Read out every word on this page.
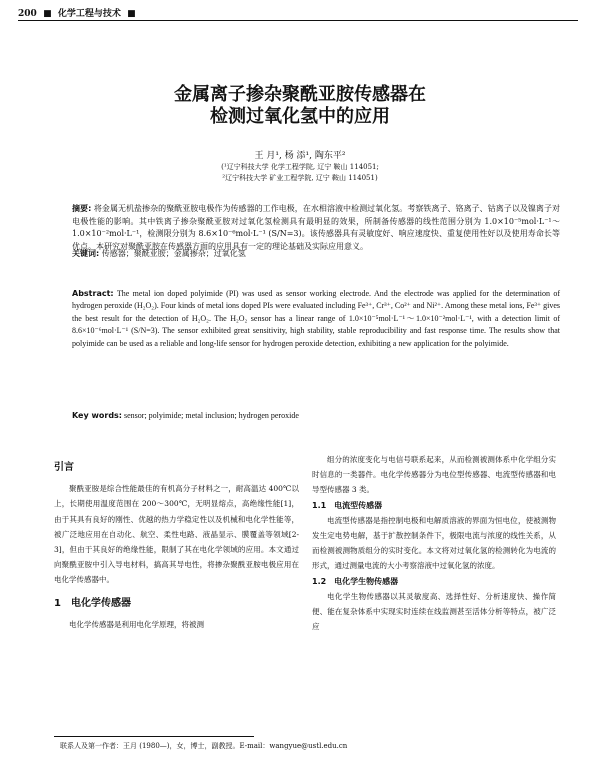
200  ■  化学工程与技术  ■
金属离子掺杂聚酰亚胺传感器在
检测过氧化氢中的应用
王 月¹, 杨 添¹, 陶东平²
(¹辽宁科技大学 化学工程学院, 辽宁 鞍山 114051;
²辽宁科技大学 矿业工程学院, 辽宁 鞍山 114051)
摘要: 将金属无机盐掺杂的聚酰亚胺电极作为传感器的工作电极，在水相溶液中检测过氧化氢。考察铁离子、铬离子、钴离子以及镍离子对电极性能的影响。其中铁离子掺杂聚酰亚胺对过氧化氢检测具有最明显的效果，所制备传感器的线性范围分别为 1.0×10⁻⁵mol·L⁻¹～1.0×10⁻²mol·L⁻¹，检测限分别为 8.6×10⁻⁶mol·L⁻¹ (S/N=3)。该传感器具有灵敏度好、响应速度快、重复使用性好以及使用寿命长等优点。本研究对聚酰亚胺在传感器方面的应用具有一定的理论基础及实际应用意义。
关键词: 传感器；聚酰亚胺；金属掺杂；过氧化氢
Abstract: The metal ion doped polyimide (PI) was used as sensor working electrode. And the electrode was applied for the determination of hydrogen peroxide (H₂O₂). Four kinds of metal ions doped PIs were evaluated including Fe³⁺, Cr³⁺, Co²⁺ and Ni²⁺. Among these metal ions, Fe³⁺ gives the best result for the detection of H₂O₂. The H₂O₂ sensor has a linear range of 1.0×10⁻⁵mol·L⁻¹～1.0×10⁻²mol·L⁻¹, with a detection limit of 8.6×10⁻⁶mol·L⁻¹ (S/N=3). The sensor exhibited great sensitivity, high stability, stable reproducibility and fast response time. The results show that polyimide can be used as a reliable and long-life sensor for hydrogen peroxide detection, exhibiting a new application for the polyimide.
Key words: sensor; polyimide; metal inclusion; hydrogen peroxide
引言

聚酰亚胺是综合性能最佳的有机高分子材料之一，耐高温达 400℃以上，长期使用温度范围在 200～300℃，无明显熔点，高绝缘性能[1]，由于其具有良好的刚性、优越的热力学稳定性以及机械和电化学性能等，被广泛地应用在自动化、航空、柔性电路、液晶显示、膜覆盖等领域[2-3]，但由于其良好的绝缘性能，限制了其在电化学领域的应用。本文通过向聚酰亚胺中引入导电材料，搞高其导电性，将掺杂聚酰亚胺电极应用在电化学传感器中。

1　电化学传感器

电化学传感器是利用电化学原理，将被测

组分的浓度变化与电信号联系起来，从而检测被测体系中化学组分实时信息的一类器件。电化学传感器分为电位型传感器、电流型传感器和电导型传感器 3 类。

1.1　电流型传感器

电流型传感器是指控制电极和电解质溶液的界面为恒电位，使被测物发生定电势电解，基于扩散控制条件下，极限电流与浓度的线性关系，从而检测被测物质组分的实时变化。本文将对过氧化氢的检测转化为电流的形式，通过测量电流的大小考察溶液中过氧化氢的浓度。

1.2　电化学生物传感器

电化学生物传感器以其灵敏度高、选择性好、分析速度快、操作简便、能在复杂体系中实现实时连续在线监测甚至活体分析等特点，被广泛应

联系人及第一作者：王月 (1980—)，女，博士，副教授。E-mail：wangyue@ustl.edu.cn
